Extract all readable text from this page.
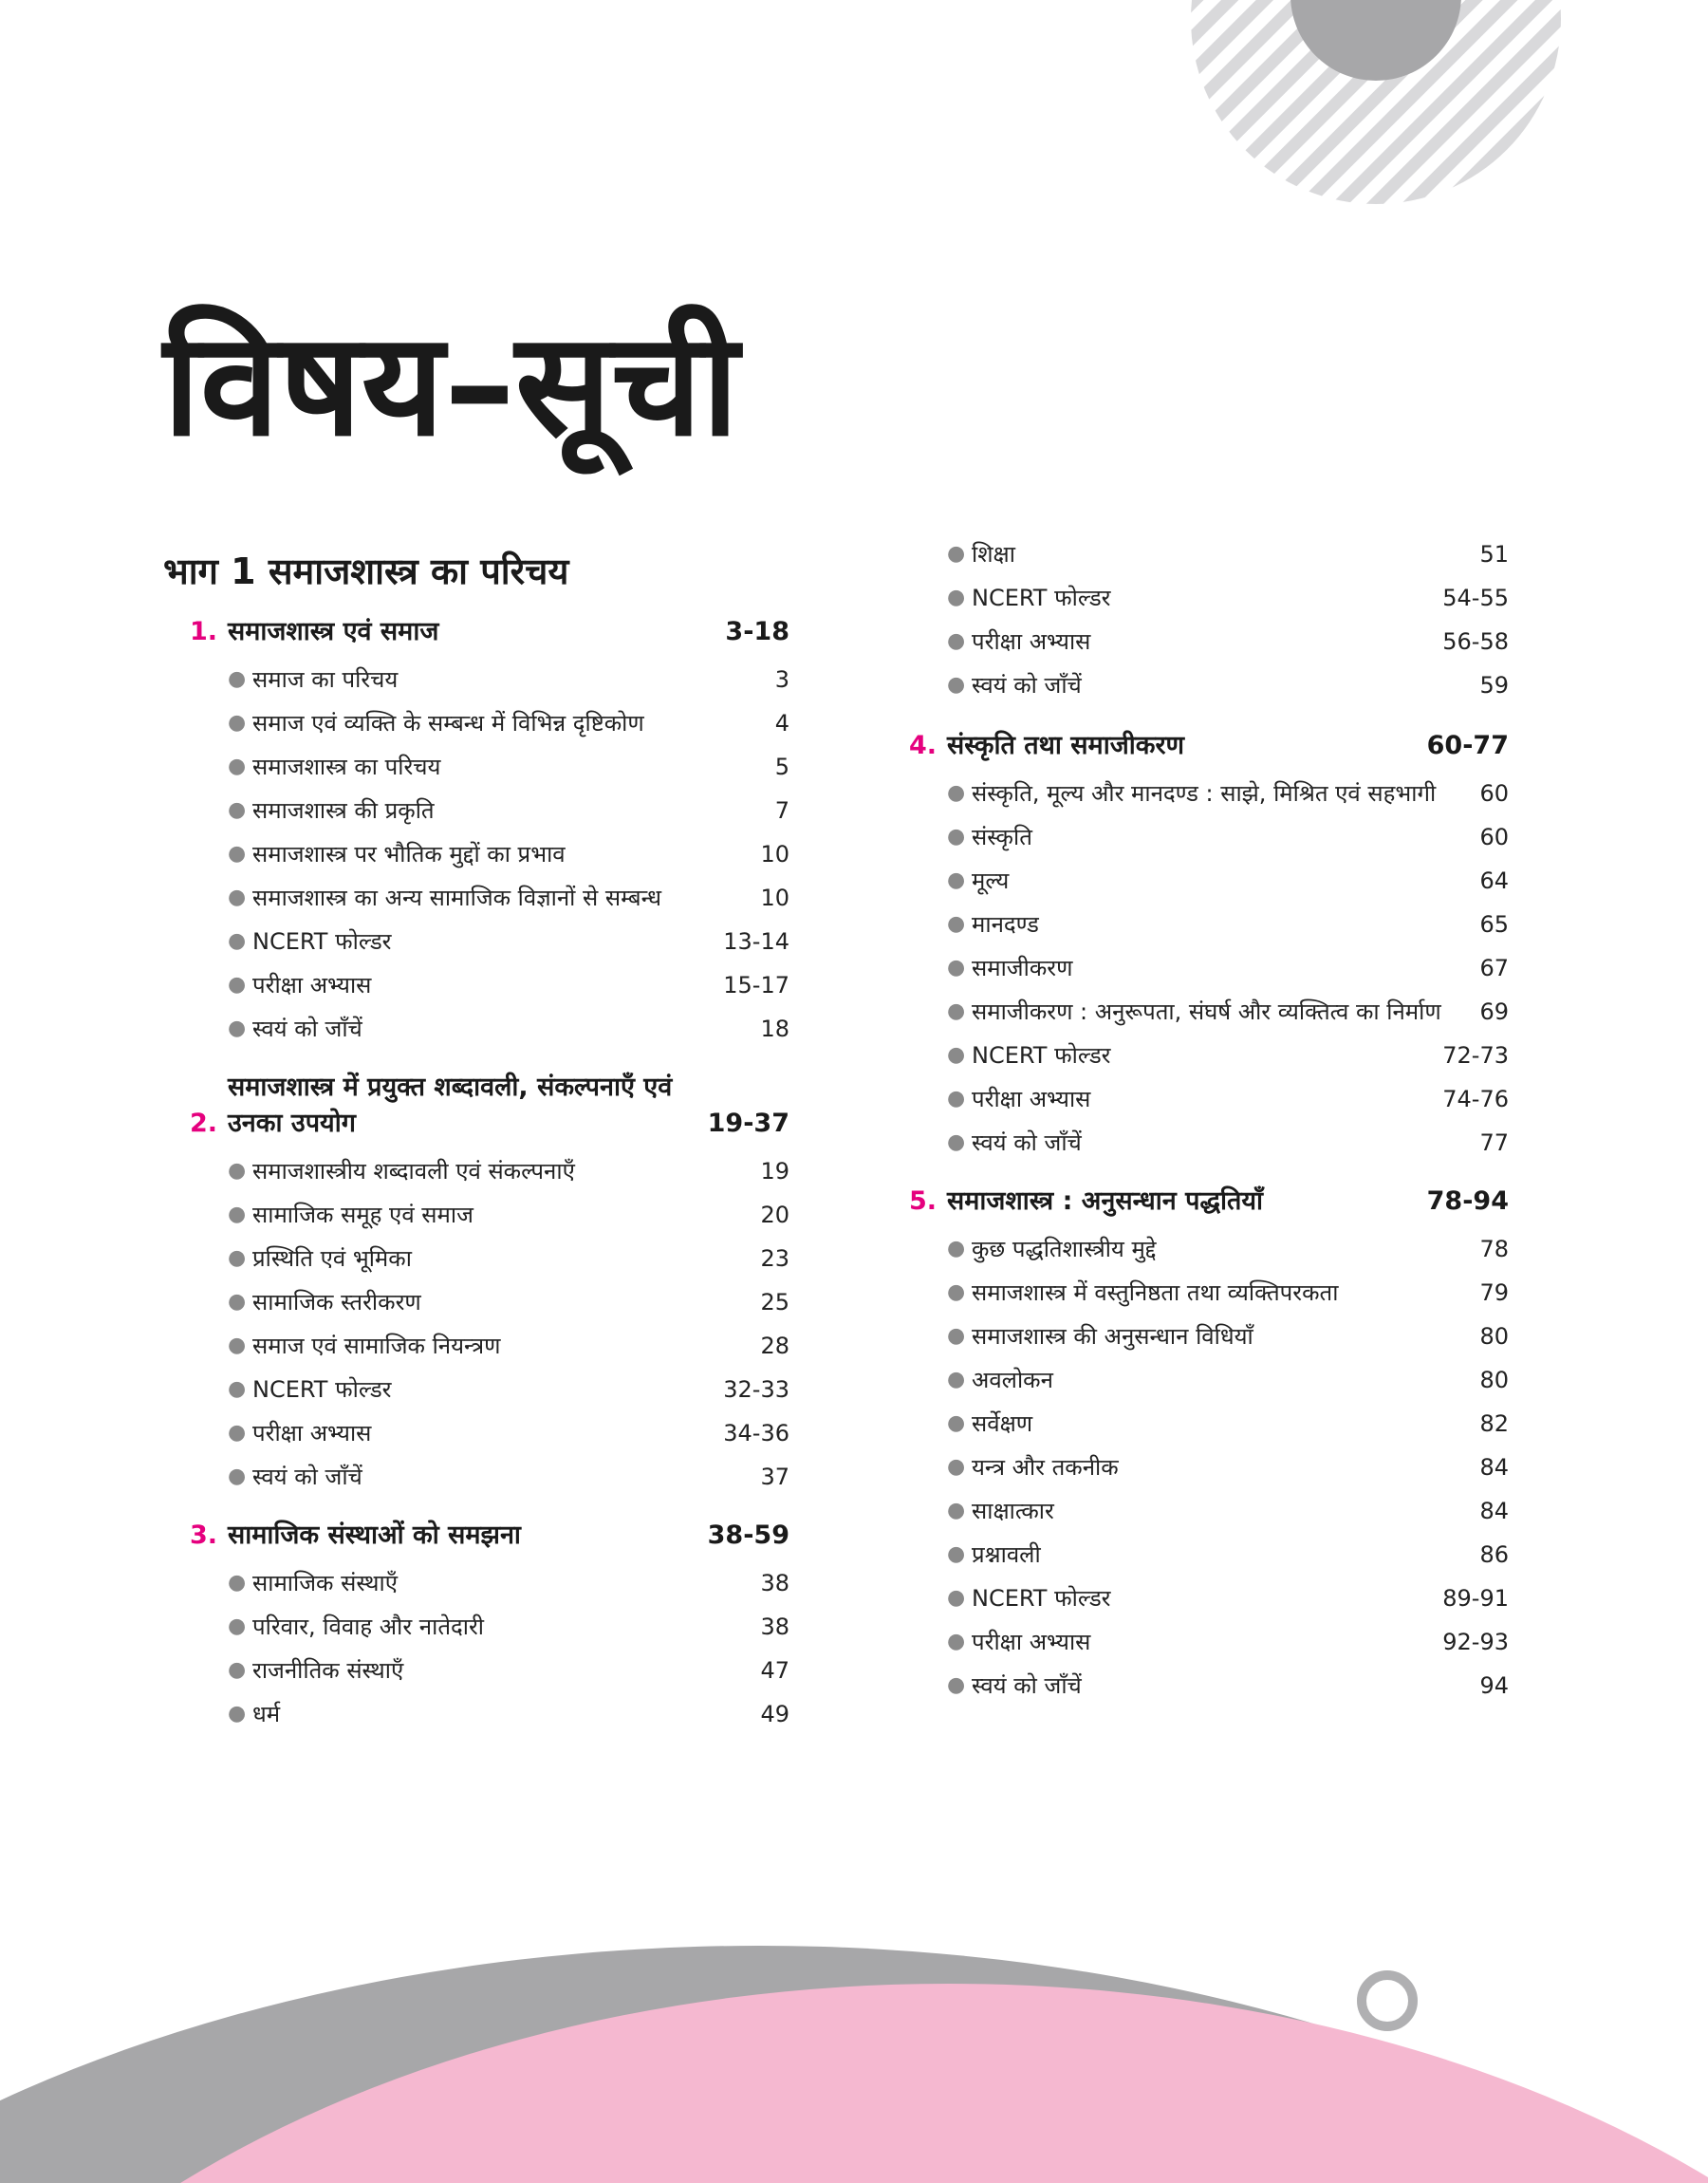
विषय–सूची
भाग 1 समाजशास्त्र का परिचय
1. समाजशास्त्र एवं समाज	3-18
● समाज का परिचय	3
● समाज एवं व्यक्ति के सम्बन्ध में विभिन्न दृष्टिकोण	4
● समाजशास्त्र का परिचय	5
● समाजशास्त्र की प्रकृति	7
● समाजशास्त्र पर भौतिक मुद्दों का प्रभाव	10
● समाजशास्त्र का अन्य सामाजिक विज्ञानों से सम्बन्ध	10
● NCERT फोल्डर	13-14
● परीक्षा अभ्यास	15-17
● स्वयं को जाँचें	18
2.
समाजशास्त्र में प्रयुक्त शब्दावली, संकल्पनाएँ एवं उनका उपयोग	19-37
● समाजशास्त्रीय शब्दावली एवं संकल्पनाएँ	19
● सामाजिक समूह एवं समाज	20
● प्रस्थिति एवं भूमिका	23
● सामाजिक स्तरीकरण	25
● समाज एवं सामाजिक नियन्त्रण	28
● NCERT फोल्डर	32-33
● परीक्षा अभ्यास	34-36
● स्वयं को जाँचें	37
3. सामाजिक संस्थाओं को समझना	38-59
● सामाजिक संस्थाएँ	38
● परिवार, विवाह और नातेदारी	38
● राजनीतिक संस्थाएँ	47
● धर्म	49
● शिक्षा	51
● NCERT फोल्डर	54-55
● परीक्षा अभ्यास	56-58
● स्वयं को जाँचें	59
4. संस्कृति तथा समाजीकरण	60-77
● संस्कृति, मूल्य और मानदण्ड : साझे, मिश्रित एवं सहभागी	60
● संस्कृति	60
● मूल्य	64
● मानदण्ड	65
● समाजीकरण	67
● समाजीकरण : अनुरूपता, संघर्ष और व्यक्तित्व का निर्माण	69
● NCERT फोल्डर	72-73
● परीक्षा अभ्यास	74-76
● स्वयं को जाँचें	77
5. समाजशास्त्र : अनुसन्धान पद्धतियाँ	78-94
● कुछ पद्धतिशास्त्रीय मुद्दे	78
● समाजशास्त्र में वस्तुनिष्ठता तथा व्यक्तिपरकता	79
● समाजशास्त्र की अनुसन्धान विधियाँ	80
● अवलोकन	80
● सर्वेक्षण	82
● यन्त्र और तकनीक	84
● साक्षात्कार	84
● प्रश्नावली	86
● NCERT फोल्डर	89-91
● परीक्षा अभ्यास	92-93
● स्वयं को जाँचें	94
